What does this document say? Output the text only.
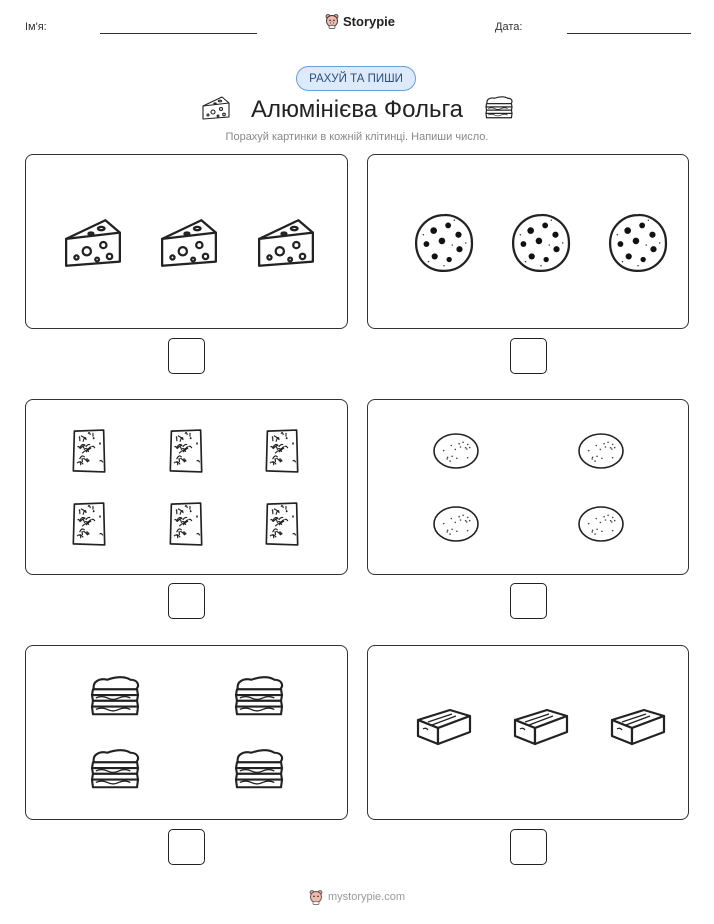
Ім'я:	Storypie	Дата:
РАХУЙ ТА ПИШИ
Алюмінієва Фольга
Порахуй картинки в кожній клітинці. Напиши число.
mystorypie.com
